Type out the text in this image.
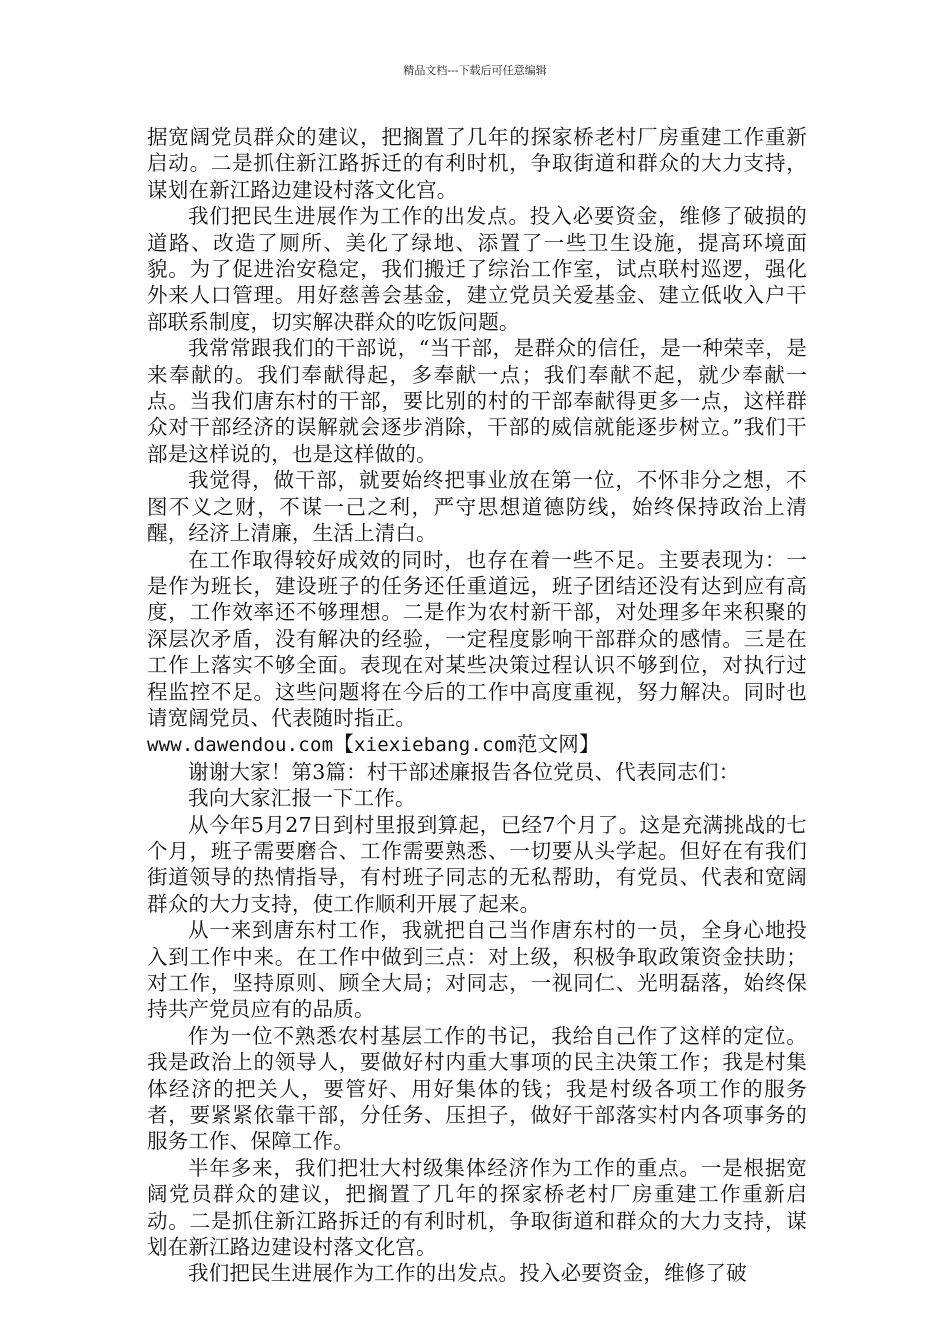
精品文档---下载后可任意编辑

据宽阔党员群众的建议，把搁置了几年的探家桥老村厂房重建工作重新启动。二是抓住新江路拆迁的有利时机，争取街道和群众的大力支持，谋划在新江路边建设村落文化宫。

我们把民生进展作为工作的出发点。投入必要资金，维修了破损的道路、改造了厕所、美化了绿地、添置了一些卫生设施，提高环境面貌。为了促进治安稳定，我们搬迁了综治工作室，试点联村巡逻，强化外来人口管理。用好慈善会基金，建立党员关爱基金、建立低收入户干部联系制度，切实解决群众的吃饭问题。

我常常跟我们的干部说，“当干部，是群众的信任，是一种荣幸，是来奉献的。我们奉献得起，多奉献一点；我们奉献不起，就少奉献一点。当我们唐东村的干部，要比别的村的干部奉献得更多一点，这样群众对干部经济的误解就会逐步消除，干部的威信就能逐步树立。”我们干部是这样说的，也是这样做的。

我觉得，做干部，就要始终把事业放在第一位，不怀非分之想，不图不义之财，不谋一己之利，严守思想道德防线，始终保持政治上清醒，经济上清廉，生活上清白。

在工作取得较好成效的同时，也存在着一些不足。主要表现为：一是作为班长，建设班子的任务还任重道远，班子团结还没有达到应有高度，工作效率还不够理想。二是作为农村新干部，对处理多年来积聚的深层次矛盾，没有解决的经验，一定程度影响干部群众的感情。三是在工作上落实不够全面。表现在对某些决策过程认识不够到位，对执行过程监控不足。这些问题将在今后的工作中高度重视，努力解决。同时也请宽阔党员、代表随时指正。

www.dawendou.com【xiexiebang.com范文网】

谢谢大家！第3篇：村干部述廉报告各位党员、代表同志们：

我向大家汇报一下工作。

从今年5月27日到村里报到算起，已经7个月了。这是充满挑战的七个月，班子需要磨合、工作需要熟悉、一切要从头学起。但好在有我们街道领导的热情指导，有村班子同志的无私帮助，有党员、代表和宽阔群众的大力支持，使工作顺利开展了起来。

从一来到唐东村工作，我就把自己当作唐东村的一员，全身心地投入到工作中来。在工作中做到三点：对上级，积极争取政策资金扶助；对工作，坚持原则、顾全大局；对同志，一视同仁、光明磊落，始终保持共产党员应有的品质。

作为一位不熟悉农村基层工作的书记，我给自己作了这样的定位。我是政治上的领导人，要做好村内重大事项的民主决策工作；我是村集体经济的把关人，要管好、用好集体的钱；我是村级各项工作的服务者，要紧紧依靠干部，分任务、压担子，做好干部落实村内各项事务的服务工作、保障工作。

半年多来，我们把壮大村级集体经济作为工作的重点。一是根据宽阔党员群众的建议，把搁置了几年的探家桥老村厂房重建工作重新启动。二是抓住新江路拆迁的有利时机，争取街道和群众的大力支持，谋划在新江路边建设村落文化宫。

我们把民生进展作为工作的出发点。投入必要资金，维修了破
